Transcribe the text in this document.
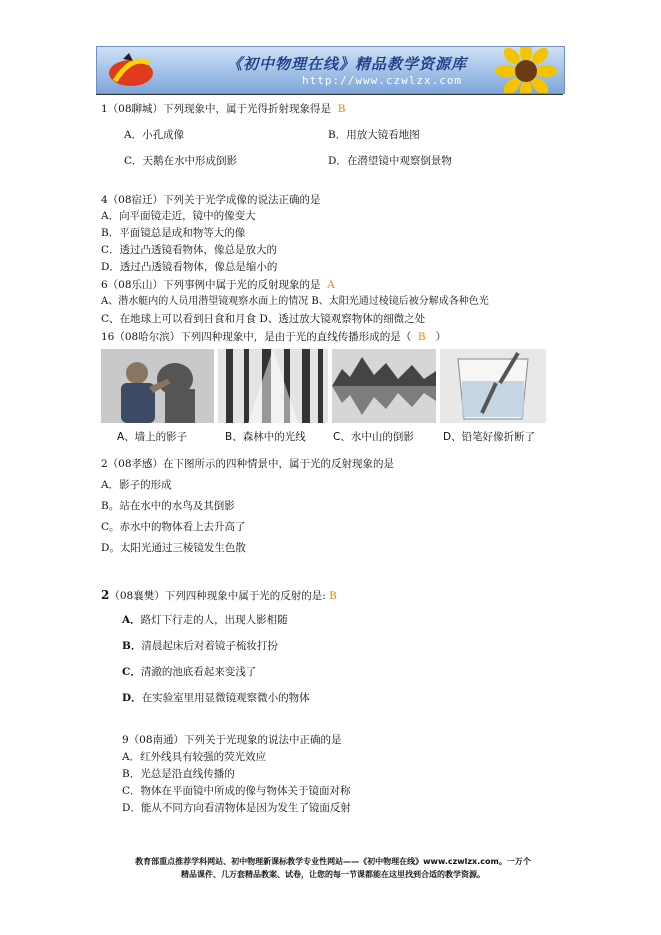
《初中物理在线》精品教学资源库
http://www.czwlzx.com
1（08聊城）下列现象中，属于光得折射现象得是 B
A．小孔成像	B．用放大镜看地图
C．天鹅在水中形成倒影	D．在潜望镜中观察倒景物
4（08宿迁）下列关于光学成像的说法正确的是
A．向平面镜走近，镜中的像变大
B．平面镜总是成和物等大的像
C．透过凸透镜看物体，像总是放大的
D．透过凸透镜看物体，像总是缩小的
6（08乐山）下列事例中属于光的反射现象的是 A
A、潜水艇内的人员用潜望镜观察水面上的情况 B、太阳光通过棱镜后被分解成各种色光
C、在地球上可以看到日食和月食 D、透过放大镜观察物体的细微之处
16（08哈尔滨）下列四种现象中，是由于光的直线传播形成的是（ B ）
A、墙上的影子	B、森林中的光线	C、水中山的倒影	D、铅笔好像折断了
2（08孝感）在下图所示的四种情景中，属于光的反射现象的是
A．影子的形成
B。站在水中的水鸟及其倒影
C。赤水中的物体看上去升高了
D。太阳光通过三棱镜发生色散
2（08襄樊）下列四种现象中属于光的反射的是: B
A．路灯下行走的人，出现人影相随
B．清晨起床后对着镜子梳妆打扮
C．清澈的池底看起来变浅了
D．在实验室里用显微镜观察微小的物体
9（08南通）下列关于光现象的说法中正确的是
A．红外线具有较强的荧光效应
B．光总是沿直线传播的
C．物体在平面镜中所成的像与物体关于镜面对称
D．能从不同方向看清物体是因为发生了镜面反射
教育部重点推荐学科网站、初中物理新课标教学专业性网站——《初中物理在线》www.czwlzx.com。一万个
精品课件、几万套精品教案、试卷，让您的每一节课都能在这里找到合适的教学资源。
